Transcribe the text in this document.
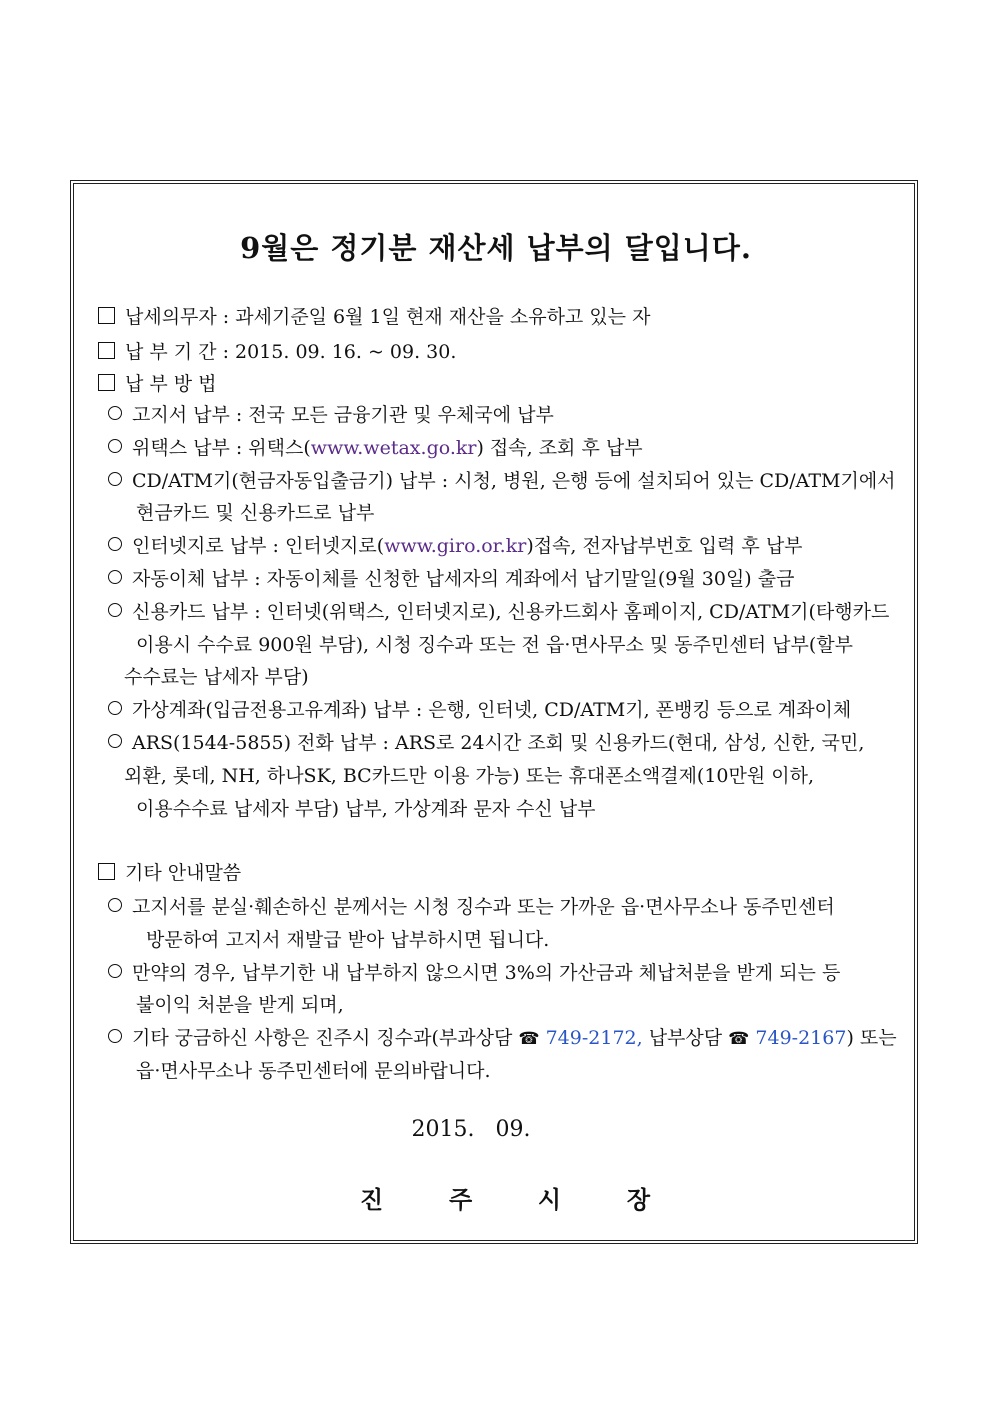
9월은 정기분 재산세 납부의 달입니다.
납세의무자 : 과세기준일 6월 1일 현재 재산을 소유하고 있는 자
납 부 기 간 : 2015. 09. 16. ~ 09. 30.
납 부 방 법
고지서 납부 : 전국 모든 금융기관 및 우체국에 납부
위택스 납부 : 위택스(www.wetax.go.kr) 접속, 조회 후 납부
CD/ATM기(현금자동입출금기) 납부 : 시청, 병원, 은행 등에 설치되어 있는 CD/ATM기에서
현금카드 및 신용카드로 납부
인터넷지로 납부 : 인터넷지로(www.giro.or.kr)접속, 전자납부번호 입력 후 납부
자동이체 납부 : 자동이체를 신청한 납세자의 계좌에서 납기말일(9월 30일) 출금
신용카드 납부 : 인터넷(위택스, 인터넷지로), 신용카드회사 홈페이지, CD/ATM기(타행카드
이용시 수수료 900원 부담), 시청 징수과 또는 전 읍·면사무소 및 동주민센터 납부(할부
수수료는 납세자 부담)
가상계좌(입금전용고유계좌) 납부 : 은행, 인터넷, CD/ATM기, 폰뱅킹 등으로 계좌이체
ARS(1544-5855) 전화 납부 : ARS로 24시간 조회 및 신용카드(현대, 삼성, 신한, 국민,
외환, 롯데, NH, 하나SK, BC카드만 이용 가능) 또는 휴대폰소액결제(10만원 이하,
이용수수료 납세자 부담) 납부, 가상계좌 문자 수신 납부
기타 안내말씀
고지서를 분실·훼손하신 분께서는 시청 징수과 또는 가까운 읍·면사무소나 동주민센터
방문하여 고지서 재발급 받아 납부하시면 됩니다.
만약의 경우, 납부기한 내 납부하지 않으시면 3%의 가산금과 체납처분을 받게 되는 등
불이익 처분을 받게 되며,
기타 궁금하신 사항은 진주시 징수과(부과상담 ☎ 749-2172, 납부상담 ☎ 749-2167) 또는
읍·면사무소나 동주민센터에 문의바랍니다.
2015. 09.
진	주	시	장
